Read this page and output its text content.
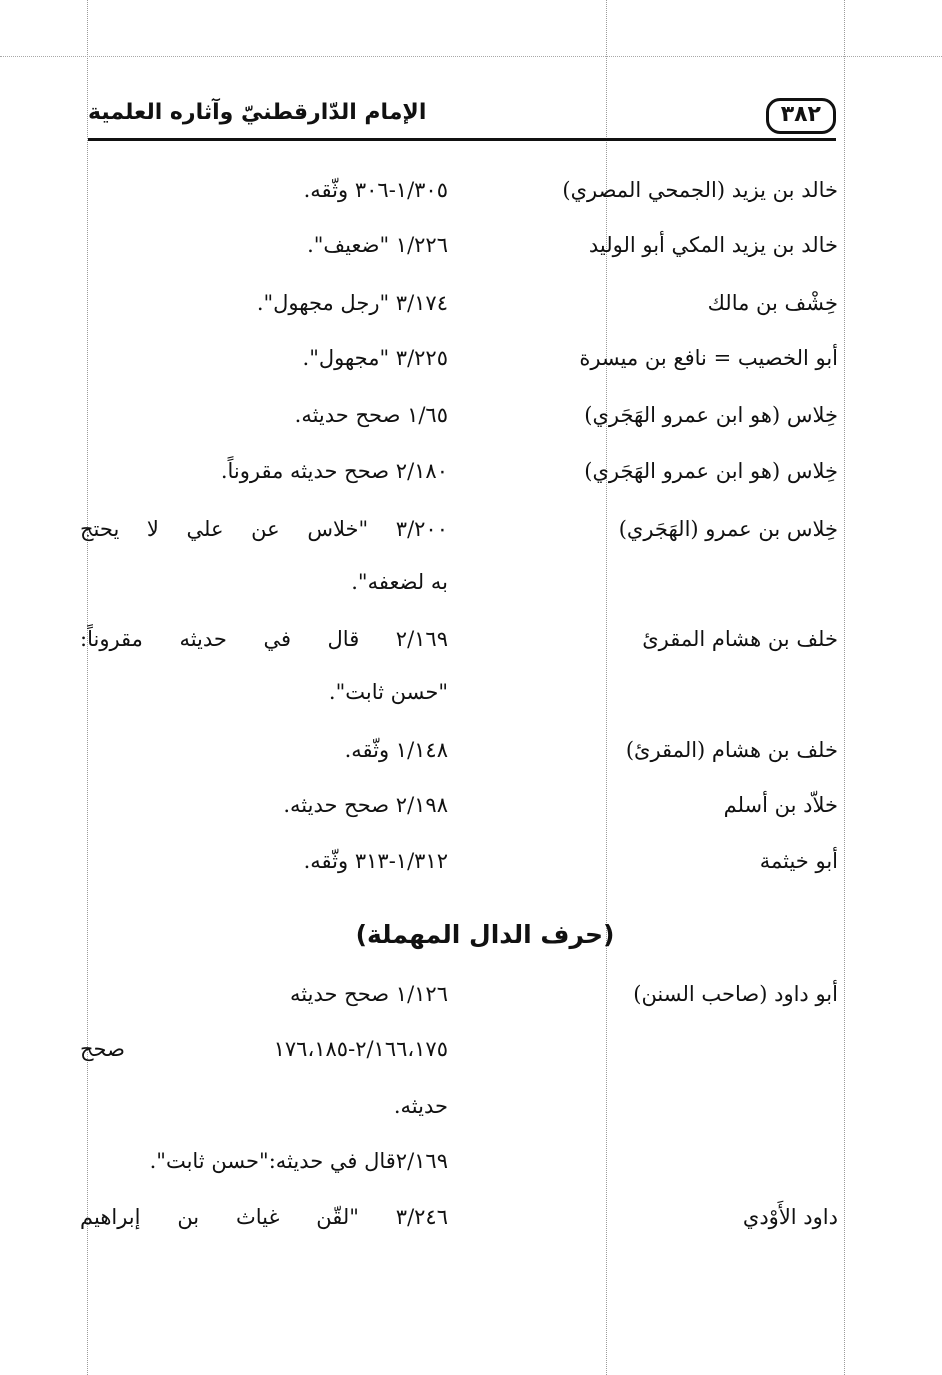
٣٨٢
الإمام الدّارقطنيّ وآثاره العلمية
خالد بن يزيد (الجمحي المصري)
١/٣٠٥-٣٠٦ وثّقه.
خالد بن يزيد المكي أبو الوليد
١/٢٢٦ "ضعيف".
خِشْف بن مالك
٣/١٧٤ "رجل مجهول".
أبو الخصيب = نافع بن ميسرة
٣/٢٢٥ "مجهول".
خِلاس (هو ابن عمرو الهَجَري)
١/٦٥ صحح حديثه.
خِلاس (هو ابن عمرو الهَجَري)
٢/١٨٠ صحح حديثه مقروناً.
خِلاس بن عمرو (الهَجَري)
٣/٢٠٠ "خلاس عن علي لا يحتج
به لضعفه".
خلف بن هشام المقرئ
٢/١٦٩ قال في حديثه مقروناً:
"حسن ثابت".
خلف بن هشام (المقرئ)
١/١٤٨ وثّقه.
خلاّد بن أسلم
٢/١٩٨ صحح حديثه.
أبو خيثمة
١/٣١٢-٣١٣ وثّقه.
(حرف الدال المهملة)
أبو داود (صاحب السنن)
١/١٢٦ صحح حديثه
٢/١٦٦،١٧٥-١٧٦،١٨٥ صحح
حديثه.
٢/١٦٩قال في حديثه:"حسن ثابت".
داود الأَوْدي
٣/٢٤٦ "لقّن غياث بن إبراهيم
